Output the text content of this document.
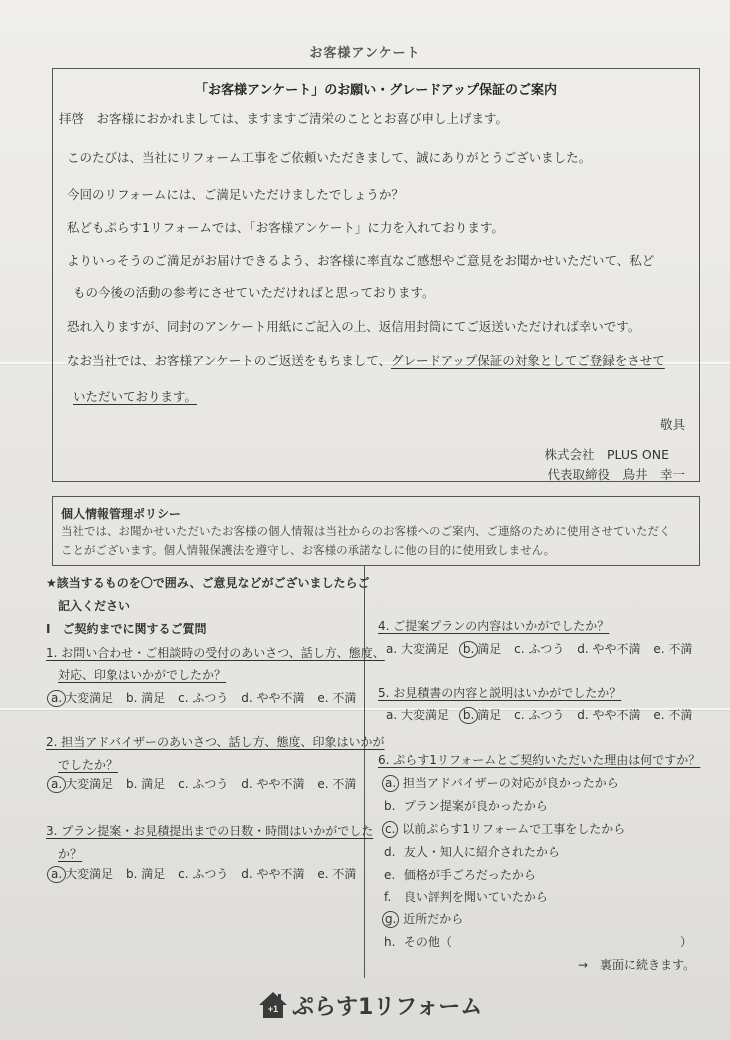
お客様アンケート
「お客様アンケート」のお願い・グレードアップ保証のご案内
拝啓　お客様におかれましては、ますますご清栄のこととお喜び申し上げます。
このたびは、当社にリフォーム工事をご依頼いただきまして、誠にありがとうございました。
今回のリフォームには、ご満足いただけましたでしょうか？
私どもぷらす1リフォームでは、「お客様アンケート」に力を入れております。
よりいっそうのご満足がお届けできるよう、お客様に率直なご感想やご意見をお聞かせいただいて、私ど
もの今後の活動の参考にさせていただければと思っております。
恐れ入りますが、同封のアンケート用紙にご記入の上、返信用封筒にてご返送いただければ幸いです。
なお当社では、お客様アンケートのご返送をもちまして、グレードアップ保証の対象としてご登録をさせて
いただいております。
敬具
株式会社　PLUS ONE
代表取締役　鳥井　幸一
個人情報管理ポリシー
当社では、お聞かせいただいたお客様の個人情報は当社からのお客様へのご案内、ご連絡のために使用させていただく
ことがございます。個人情報保護法を遵守し、お客様の承諾なしに他の目的に使用致しません。
★該当するものを〇で囲み、ご意見などがございましたらご
記入ください
Ⅰ　ご契約までに関するご質問
1. お問い合わせ・ご相談時の受付のあいさつ、話し方、態度、
対応、印象はいかがでしたか？
a. 大変満足 b. 満足 c. ふつう d. やや不満 e. 不満
2. 担当アドバイザーのあいさつ、話し方、態度、印象はいかが
でしたか？
a. 大変満足 b. 満足 c. ふつう d. やや不満 e. 不満
3. プラン提案・お見積提出までの日数・時間はいかがでした
か？
a. 大変満足 b. 満足 c. ふつう d. やや不満 e. 不満
4. ご提案プランの内容はいかがでしたか？
a. 大変満足 b. 満足 c. ふつう d. やや不満 e. 不満
5. お見積書の内容と説明はいかがでしたか？
a. 大変満足 b. 満足 c. ふつう d. やや不満 e. 不満
6. ぷらす1リフォームとご契約いただいた理由は何ですか？
a. 担当アドバイザーの対応が良かったから
b. プラン提案が良かったから
c. 以前ぷらす1リフォームで工事をしたから
d. 友人・知人に紹介されたから
e. 価格が手ごろだったから
f. 良い評判を聞いていたから
g. 近所だから
h. その他（	）
→　裏面に続きます。
+1 ぷらす1リフォーム
